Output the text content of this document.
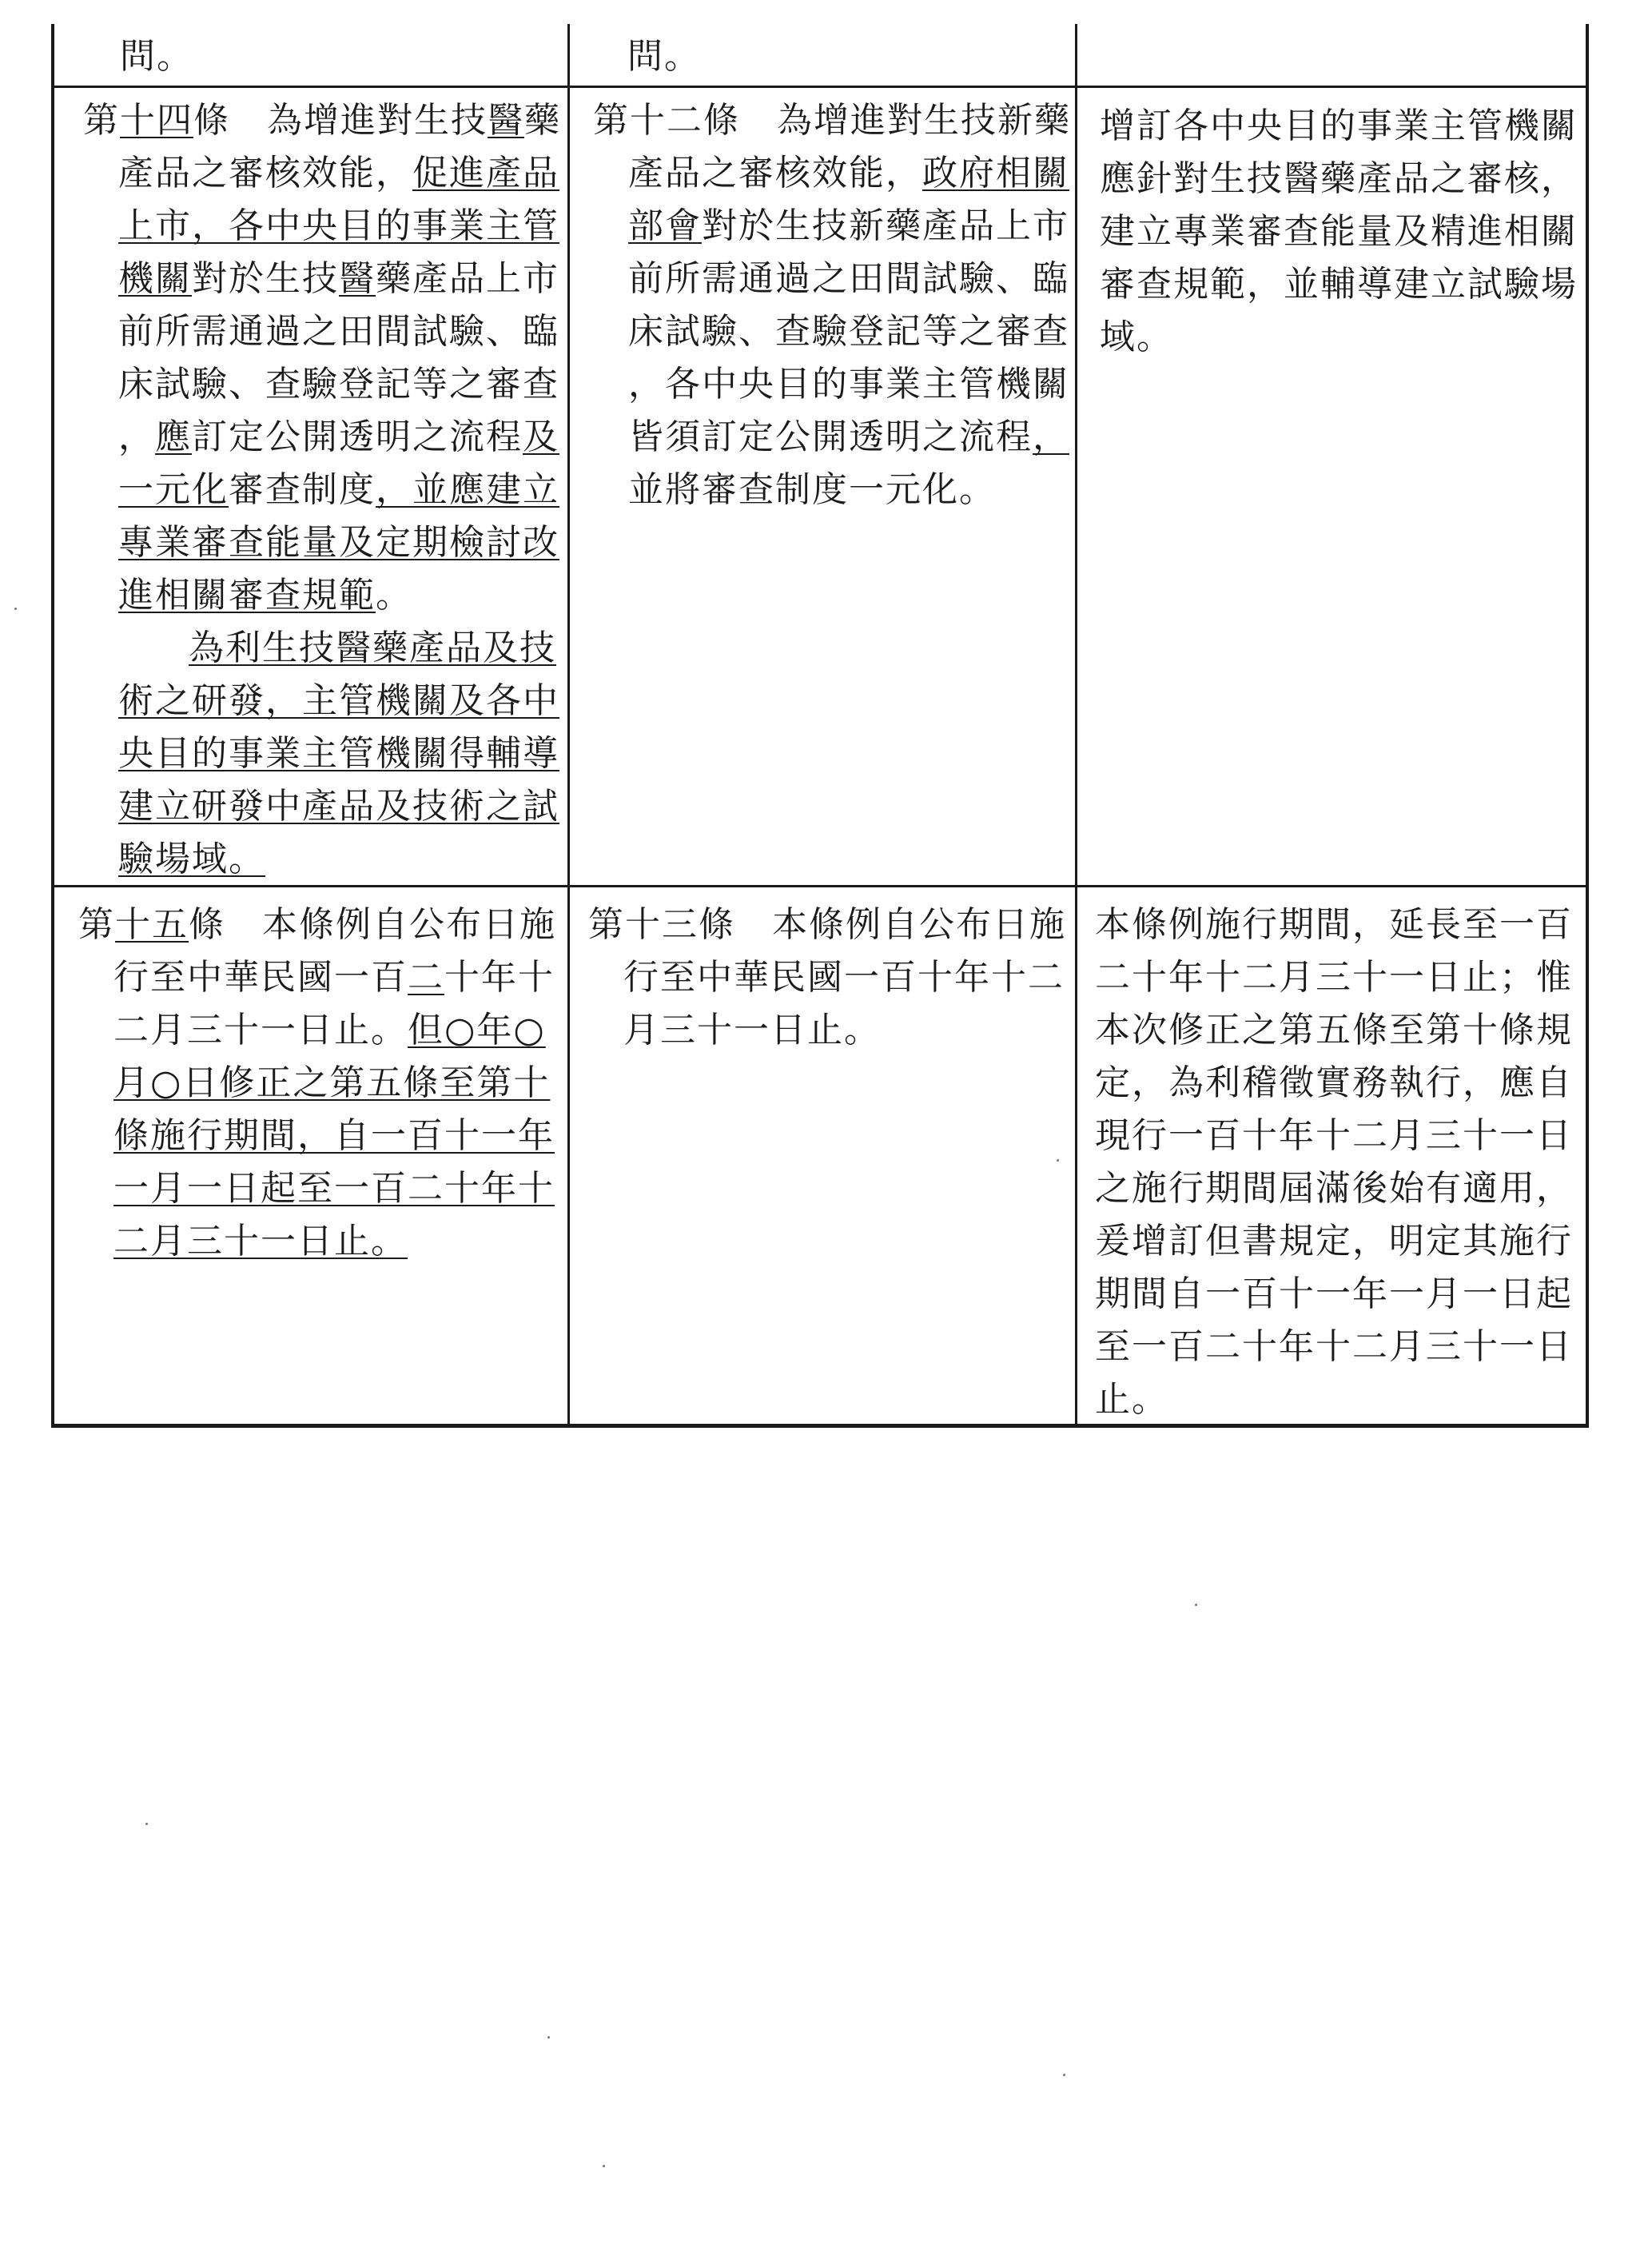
問。	問。
第十四條　為增進對生技醫藥
產品之審核效能，促進產品
上市，各中央目的事業主管
機關對於生技醫藥產品上市
前所需通過之田間試驗、臨
床試驗、查驗登記等之審查
，應訂定公開透明之流程及
一元化審查制度，並應建立
專業審查能量及定期檢討改
進相關審查規範。
為利生技醫藥產品及技
術之研發，主管機關及各中
央目的事業主管機關得輔導
建立研發中產品及技術之試
驗場域。
第十二條　為增進對生技新藥
產品之審核效能，政府相關
部會對於生技新藥產品上市
前所需通過之田間試驗、臨
床試驗、查驗登記等之審查
，各中央目的事業主管機關
皆須訂定公開透明之流程，
並將審查制度一元化。
增訂各中央目的事業主管機關
應針對生技醫藥產品之審核，
建立專業審查能量及精進相關
審查規範，並輔導建立試驗場
域。
第十五條　本條例自公布日施
行至中華民國一百二十年十
二月三十一日止。但○年○
月○日修正之第五條至第十
條施行期間，自一百十一年
一月一日起至一百二十年十
二月三十一日止。
第十三條　本條例自公布日施
行至中華民國一百十年十二
月三十一日止。
本條例施行期間，延長至一百
二十年十二月三十一日止；惟
本次修正之第五條至第十條規
定，為利稽徵實務執行，應自
現行一百十年十二月三十一日
之施行期間屆滿後始有適用，
爰增訂但書規定，明定其施行
期間自一百十一年一月一日起
至一百二十年十二月三十一日
止。
